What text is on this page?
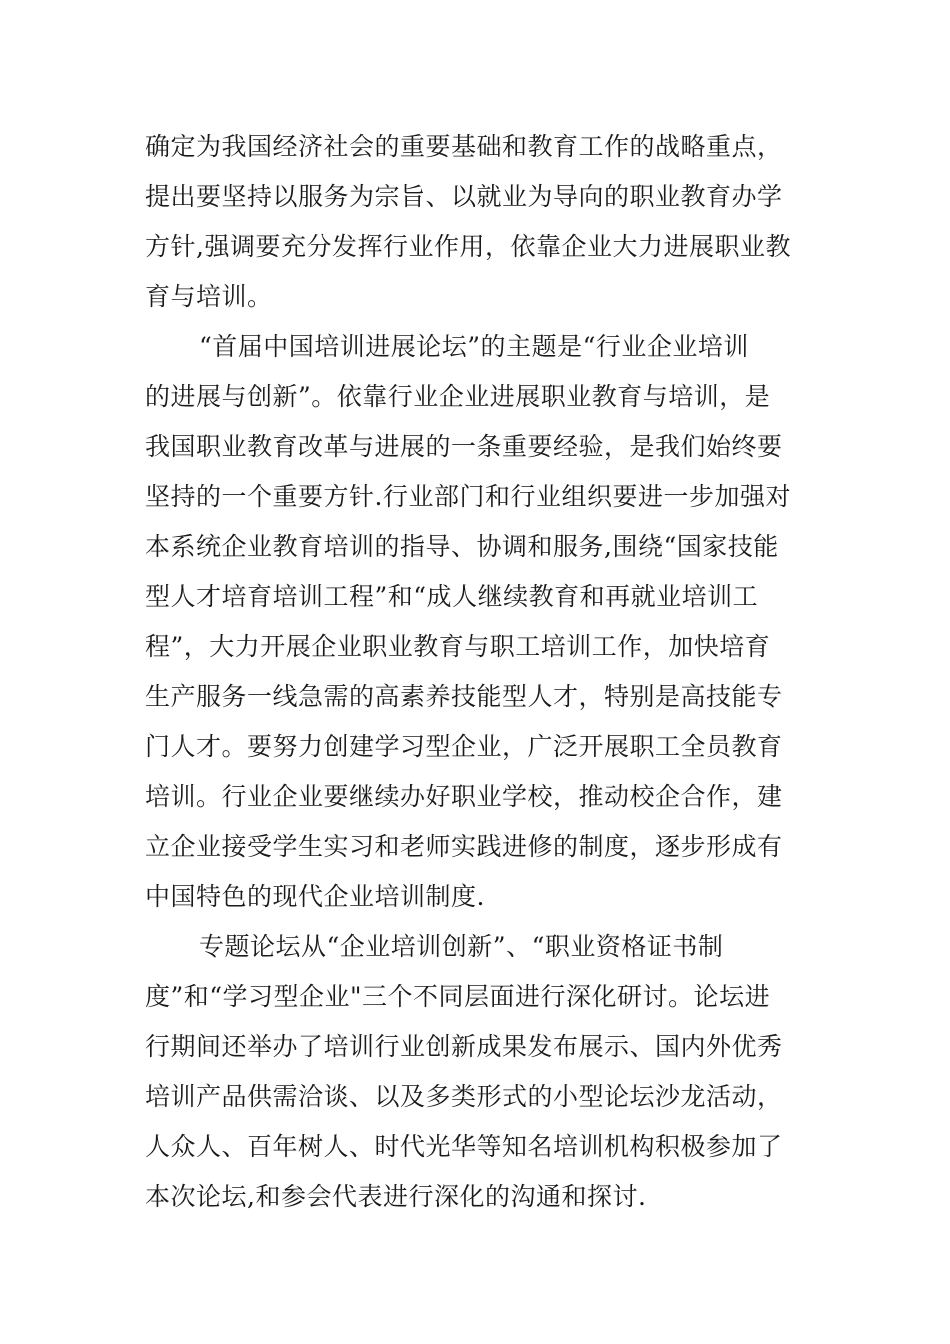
确定为我国经济社会的重要基础和教育工作的战略重点，
提出要坚持以服务为宗旨、以就业为导向的职业教育办学
方针,强调要充分发挥行业作用，依靠企业大力进展职业教
育与培训。
“首届中国培训进展论坛”的主题是“行业企业培训
的进展与创新”。依靠行业企业进展职业教育与培训，是
我国职业教育改革与进展的一条重要经验，是我们始终要
坚持的一个重要方针.行业部门和行业组织要进一步加强对
本系统企业教育培训的指导、协调和服务,围绕“国家技能
型人才培育培训工程”和“成人继续教育和再就业培训工
程”，大力开展企业职业教育与职工培训工作，加快培育
生产服务一线急需的高素养技能型人才，特别是高技能专
门人才。要努力创建学习型企业，广泛开展职工全员教育
培训。行业企业要继续办好职业学校，推动校企合作，建
立企业接受学生实习和老师实践进修的制度，逐步形成有
中国特色的现代企业培训制度.
专题论坛从“企业培训创新”、“职业资格证书制
度”和“学习型企业"三个不同层面进行深化研讨。论坛进
行期间还举办了培训行业创新成果发布展示、国内外优秀
培训产品供需洽谈、以及多类形式的小型论坛沙龙活动，
人众人、百年树人、时代光华等知名培训机构积极参加了
本次论坛,和参会代表进行深化的沟通和探讨.
